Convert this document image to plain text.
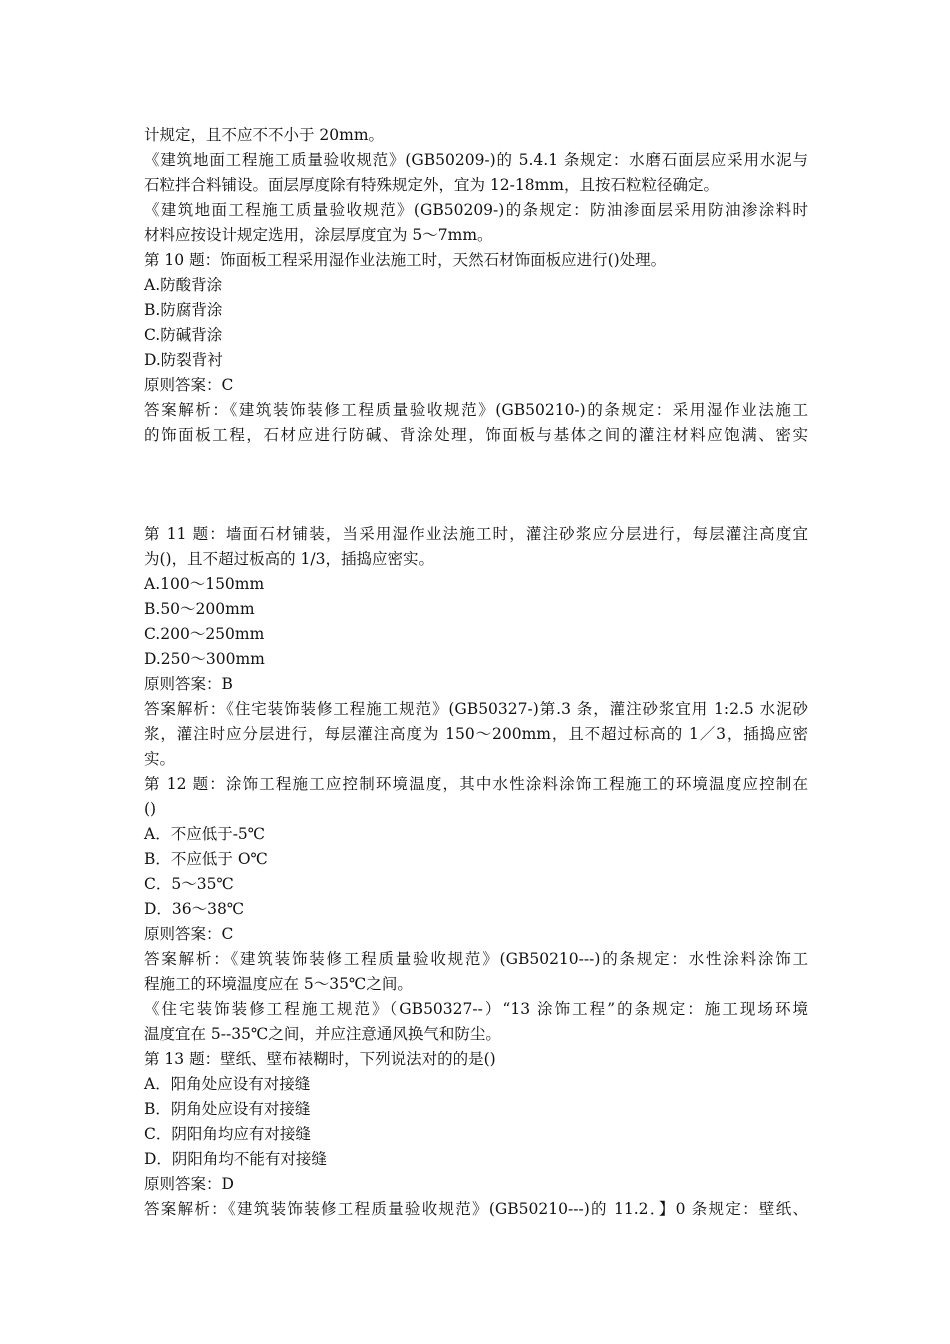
计规定，且不应不不小于 20mm。
《建筑地面工程施工质量验收规范》(GB50209-)的 5.4.1 条规定：水磨石面层应采用水泥与
石粒拌合料铺设。面层厚度除有特殊规定外，宜为 12-18mm，且按石粒粒径确定。
《建筑地面工程施工质量验收规范》(GB50209-)的条规定：防油渗面层采用防油渗涂料时
材料应按设计规定选用，涂层厚度宜为 5～7mm。
第 10 题：饰面板工程采用湿作业法施工时，天然石材饰面板应进行()处理。
A.防酸背涂
B.防腐背涂
C.防碱背涂
D.防裂背衬
原则答案：C
答案解析：《建筑装饰装修工程质量验收规范》(GB50210-)的条规定：采用湿作业法施工
的饰面板工程，石材应进行防碱、背涂处理，饰面板与基体之间的灌注材料应饱满、密实
第 11 题：墙面石材铺装，当采用湿作业法施工时，灌注砂浆应分层进行，每层灌注高度宜
为()，且不超过板高的 1/3，插捣应密实。
A.100～150mm
B.50～200mm
C.200～250mm
D.250～300mm
原则答案：B
答案解析：《住宅装饰装修工程施工规范》(GB50327-)第.3 条，灌注砂浆宜用 1:2.5 水泥砂
浆，灌注时应分层进行，每层灌注高度为 150～200mm，且不超过标高的 1／3，插捣应密
实。
第 12 题：涂饰工程施工应控制环境温度，其中水性涂料涂饰工程施工的环境温度应控制在
()
A．不应低于-5℃
B．不应低于 O℃
C．5～35℃
D．36～38℃
原则答案：C
答案解析：《建筑装饰装修工程质量验收规范》(GB50210---)的条规定：水性涂料涂饰工
程施工的环境温度应在 5～35℃之间。
《住宅装饰装修工程施工规范》（GB50327--）“13 涂饰工程”的条规定：施工现场环境
温度宜在 5--35℃之间，并应注意通风换气和防尘。
第 13 题：壁纸、壁布裱糊时，下列说法对的的是()
A．阳角处应设有对接缝
B．阴角处应设有对接缝
C．阴阳角均应有对接缝
D．阴阳角均不能有对接缝
原则答案：D
答案解析：《建筑装饰装修工程质量验收规范》(GB50210---)的 11.2．】0 条规定：壁纸、
